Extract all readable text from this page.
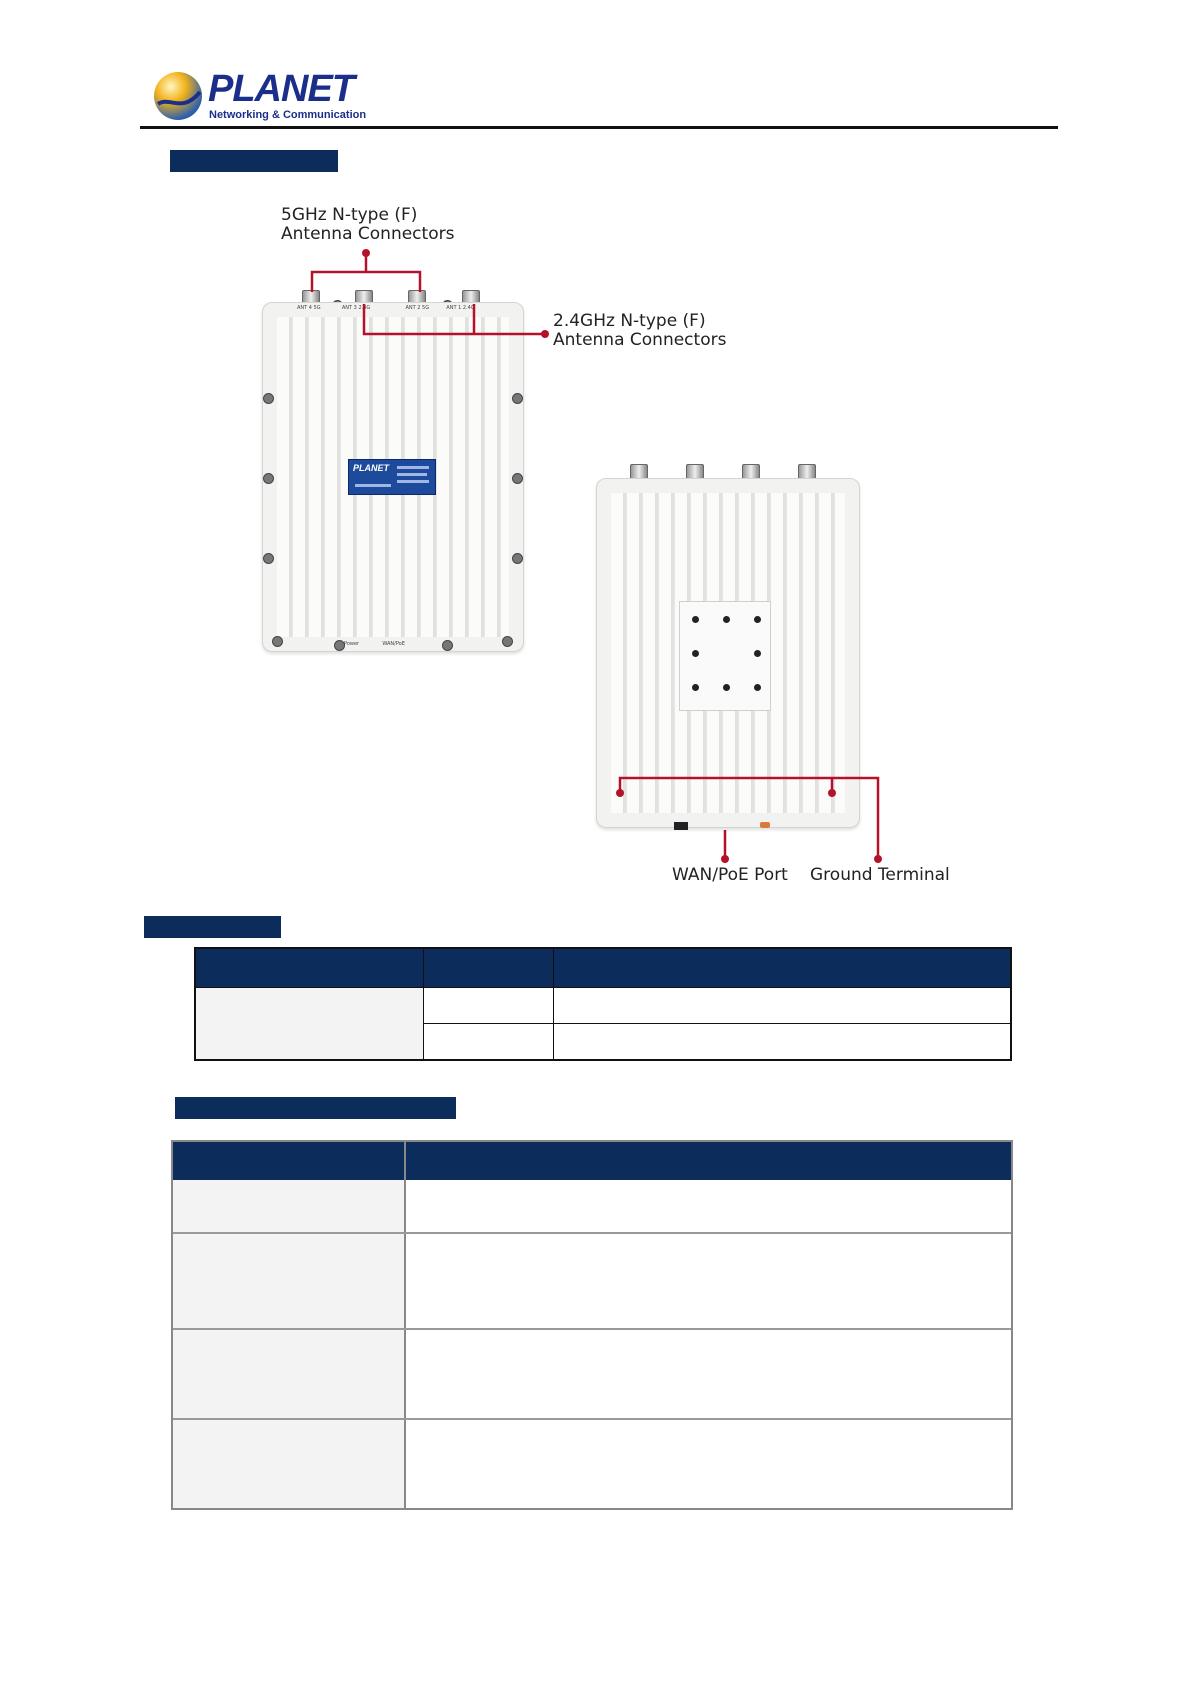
PLANET
Networking & Communication
PLANET
ANT 4 5G	ANT 3 2.4G	ANT 2 5G	ANT 1 2.4G
Power	WAN/PoE
5GHz N-type (F)
Antenna Connectors
2.4GHz N-type (F)
Antenna Connectors
WAN/PoE Port Ground Terminal
